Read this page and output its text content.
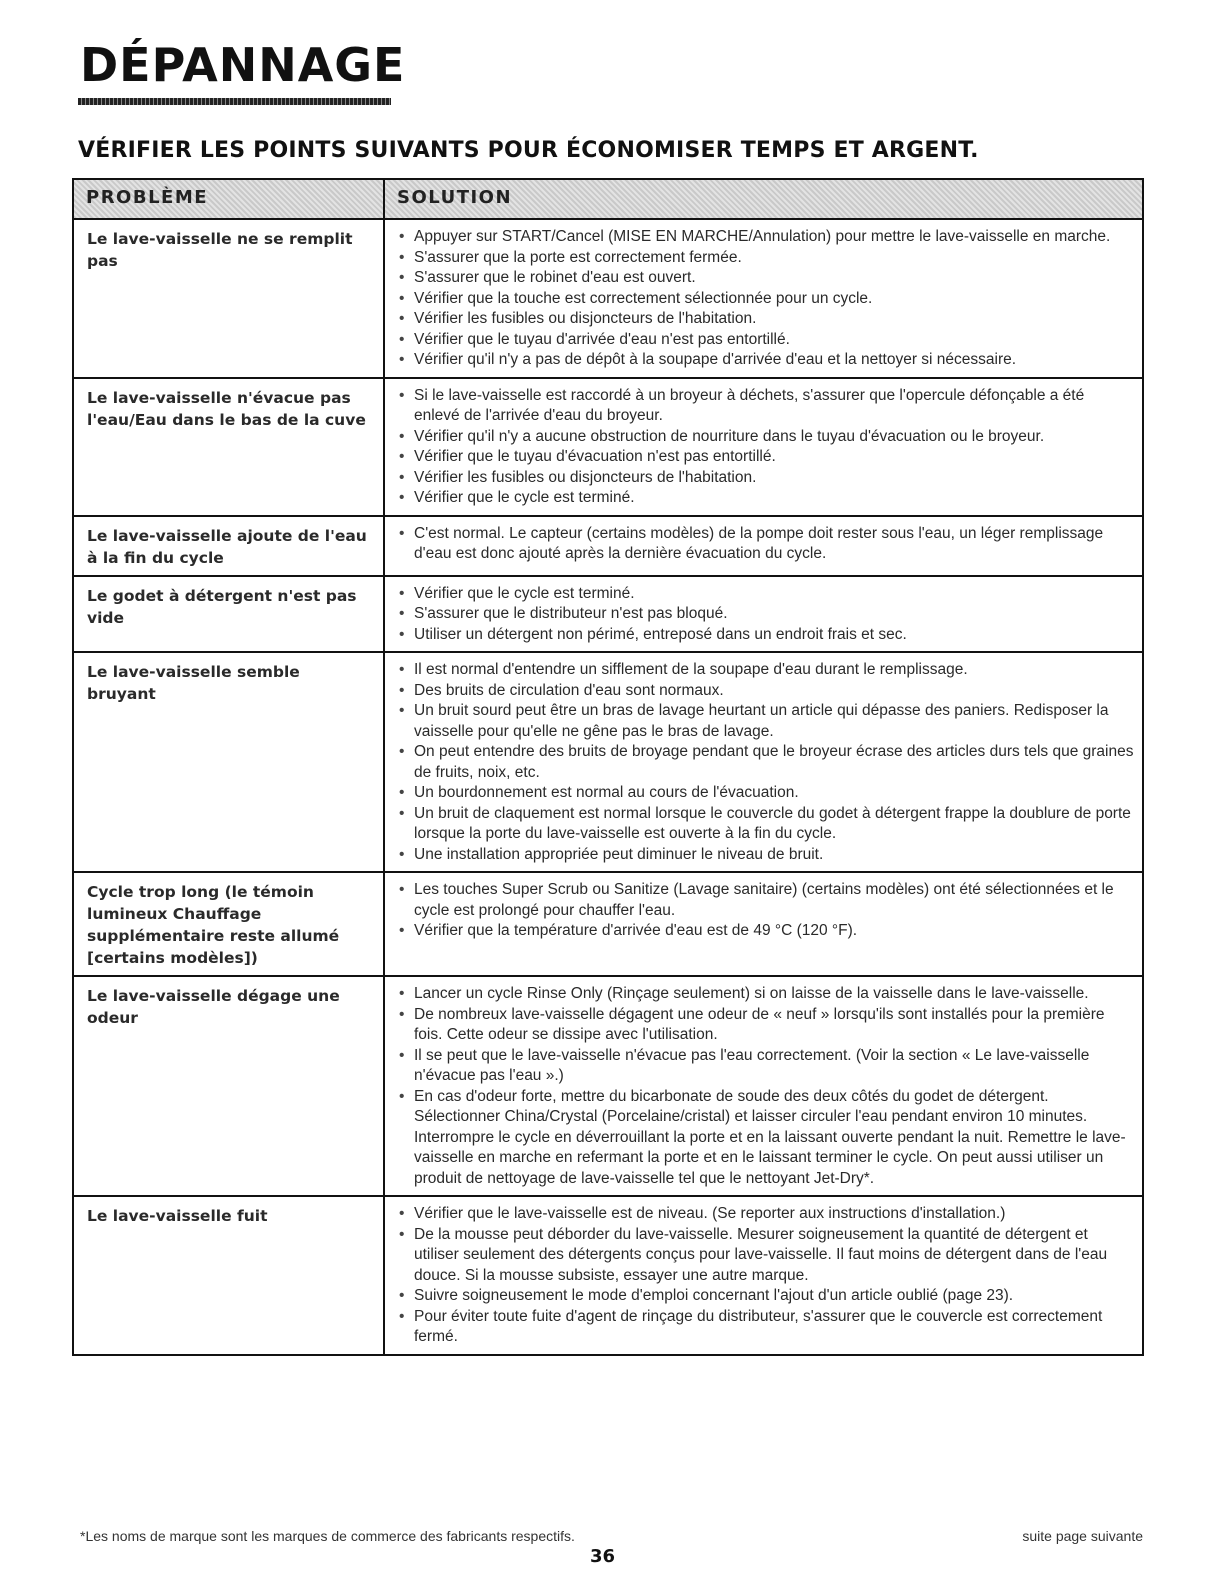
DÉPANNAGE
VÉRIFIER LES POINTS SUIVANTS POUR ÉCONOMISER TEMPS ET ARGENT.
PROBLÈME	SOLUTION
Le lave-vaisselle ne se remplit pas
• Appuyer sur START/Cancel (MISE EN MARCHE/Annulation) pour mettre le lave-vaisselle en marche.
• S'assurer que la porte est correctement fermée.
• S'assurer que le robinet d'eau est ouvert.
• Vérifier que la touche est correctement sélectionnée pour un cycle.
• Vérifier les fusibles ou disjoncteurs de l'habitation.
• Vérifier que le tuyau d'arrivée d'eau n'est pas entortillé.
• Vérifier qu'il n'y a pas de dépôt à la soupape d'arrivée d'eau et la nettoyer si nécessaire.
Le lave-vaisselle n'évacue pas l'eau/Eau dans le bas de la cuve
• Si le lave-vaisselle est raccordé à un broyeur à déchets, s'assurer que l'opercule défonçable a été enlevé de l'arrivée d'eau du broyeur.
• Vérifier qu'il n'y a aucune obstruction de nourriture dans le tuyau d'évacuation ou le broyeur.
• Vérifier que le tuyau d'évacuation n'est pas entortillé.
• Vérifier les fusibles ou disjoncteurs de l'habitation.
• Vérifier que le cycle est terminé.
Le lave-vaisselle ajoute de l'eau à la fin du cycle
• C'est normal. Le capteur (certains modèles) de la pompe doit rester sous l'eau, un léger remplissage d'eau est donc ajouté après la dernière évacuation du cycle.
Le godet à détergent n'est pas vide
• Vérifier que le cycle est terminé.
• S'assurer que le distributeur n'est pas bloqué.
• Utiliser un détergent non périmé, entreposé dans un endroit frais et sec.
Le lave-vaisselle semble bruyant
• Il est normal d'entendre un sifflement de la soupape d'eau durant le remplissage.
• Des bruits de circulation d'eau sont normaux.
• Un bruit sourd peut être un bras de lavage heurtant un article qui dépasse des paniers. Redisposer la vaisselle pour qu'elle ne gêne pas le bras de lavage.
• On peut entendre des bruits de broyage pendant que le broyeur écrase des articles durs tels que graines de fruits, noix, etc.
• Un bourdonnement est normal au cours de l'évacuation.
• Un bruit de claquement est normal lorsque le couvercle du godet à détergent frappe la doublure de porte lorsque la porte du lave-vaisselle est ouverte à la fin du cycle.
• Une installation appropriée peut diminuer le niveau de bruit.
Cycle trop long (le témoin lumineux Chauffage supplémentaire reste allumé [certains modèles])
• Les touches Super Scrub ou Sanitize (Lavage sanitaire) (certains modèles) ont été sélectionnées et le cycle est prolongé pour chauffer l'eau.
• Vérifier que la température d'arrivée d'eau est de 49 °C (120 °F).
Le lave-vaisselle dégage une odeur
• Lancer un cycle Rinse Only (Rinçage seulement) si on laisse de la vaisselle dans le lave-vaisselle.
• De nombreux lave-vaisselle dégagent une odeur de « neuf » lorsqu'ils sont installés pour la première fois. Cette odeur se dissipe avec l'utilisation.
• Il se peut que le lave-vaisselle n'évacue pas l'eau correctement. (Voir la section « Le lave-vaisselle n'évacue pas l'eau ».)
• En cas d'odeur forte, mettre du bicarbonate de soude des deux côtés du godet de détergent. Sélectionner China/Crystal (Porcelaine/cristal) et laisser circuler l'eau pendant environ 10 minutes. Interrompre le cycle en déverrouillant la porte et en la laissant ouverte pendant la nuit. Remettre le lave-vaisselle en marche en refermant la porte et en le laissant terminer le cycle. On peut aussi utiliser un produit de nettoyage de lave-vaisselle tel que le nettoyant Jet-Dry*.
Le lave-vaisselle fuit
•	Vérifier que le lave-vaisselle est de niveau. (Se reporter aux instructions d'installation.)
• De la mousse peut déborder du lave-vaisselle. Mesurer soigneusement la quantité de détergent et utiliser seulement des détergents conçus pour lave-vaisselle. Il faut moins de détergent dans de l'eau douce. Si la mousse subsiste, essayer une autre marque.
• Suivre soigneusement le mode d'emploi concernant l'ajout d'un article oublié (page 23).
• Pour éviter toute fuite d'agent de rinçage du distributeur, s'assurer que le couvercle est correctement fermé.
*Les noms de marque sont les marques de commerce des fabricants respectifs.	suite page suivante
36
